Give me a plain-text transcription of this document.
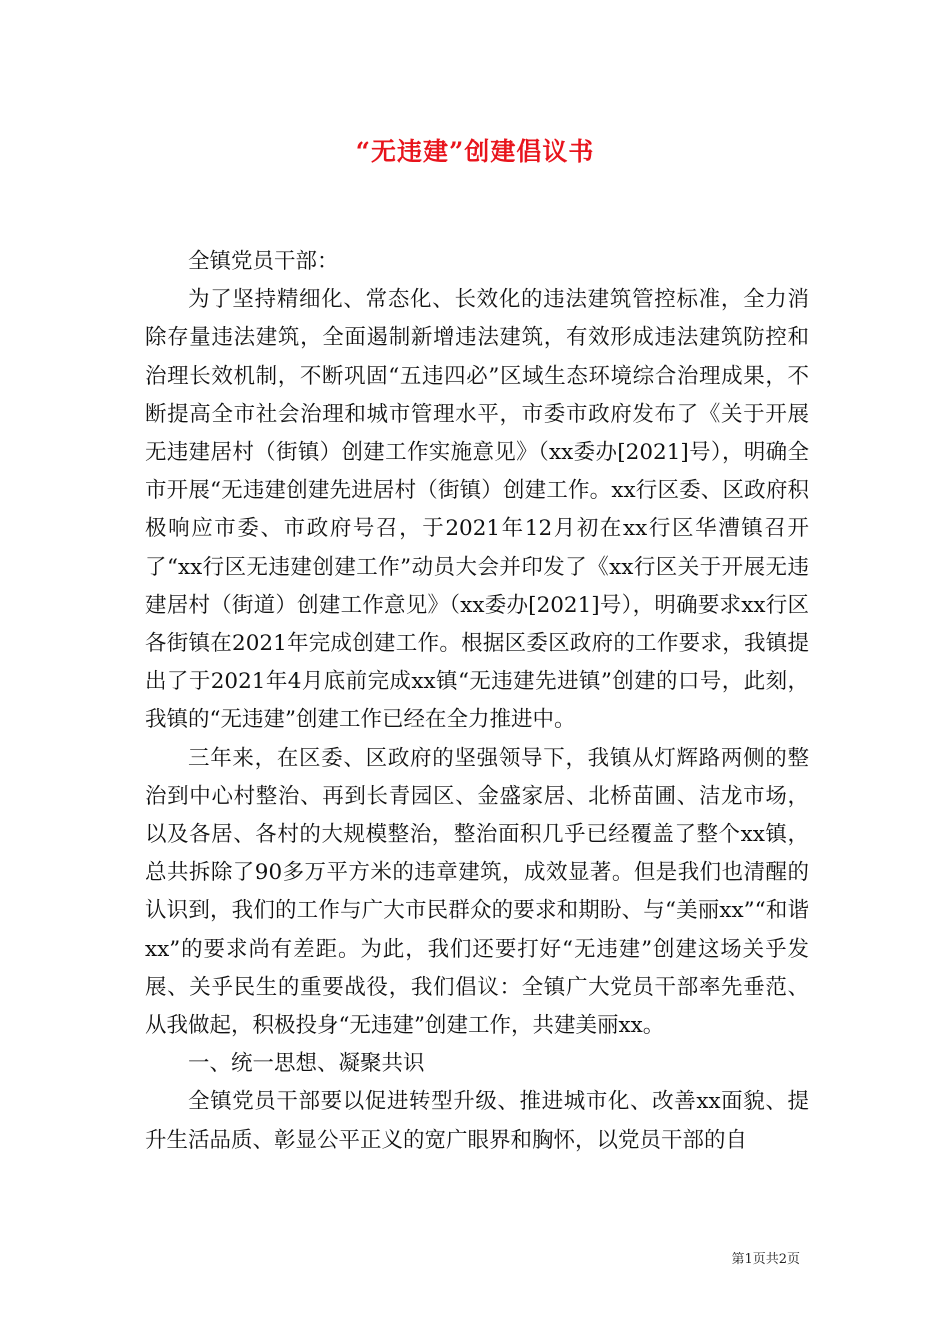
“无违建”创建倡议书

全镇党员干部：

为了坚持精细化、常态化、长效化的违法建筑管控标准，全力消除存量违法建筑，全面遏制新增违法建筑，有效形成违法建筑防控和治理长效机制，不断巩固“五违四必”区域生态环境综合治理成果，不断提高全市社会治理和城市管理水平，市委市政府发布了《关于开展无违建居村（街镇）创建工作实施意见》（xx委办[2021]号），明确全市开展“无违建创建先进居村（街镇）创建工作。xx行区委、区政府积极响应市委、市政府号召，于2021年12月初在xx行区华漕镇召开了“xx行区无违建创建工作”动员大会并印发了《xx行区关于开展无违建居村（街道）创建工作意见》（xx委办[2021]号），明确要求xx行区各街镇在2021年完成创建工作。根据区委区政府的工作要求，我镇提出了于2021年4月底前完成xx镇“无违建先进镇”创建的口号，此刻，我镇的“无违建”创建工作已经在全力推进中。

三年来，在区委、区政府的坚强领导下，我镇从灯辉路两侧的整治到中心村整治、再到长青园区、金盛家居、北桥苗圃、洁龙市场，以及各居、各村的大规模整治，整治面积几乎已经覆盖了整个xx镇，总共拆除了90多万平方米的违章建筑，成效显著。但是我们也清醒的认识到，我们的工作与广大市民群众的要求和期盼、与“美丽xx”“和谐xx”的要求尚有差距。为此，我们还要打好“无违建”创建这场关乎发展、关乎民生的重要战役，我们倡议：全镇广大党员干部率先垂范、从我做起，积极投身“无违建”创建工作，共建美丽xx。

一、统一思想、凝聚共识

全镇党员干部要以促进转型升级、推进城市化、改善xx面貌、提升生活品质、彰显公平正义的宽广眼界和胸怀，以党员干部的自

第1页共2页
